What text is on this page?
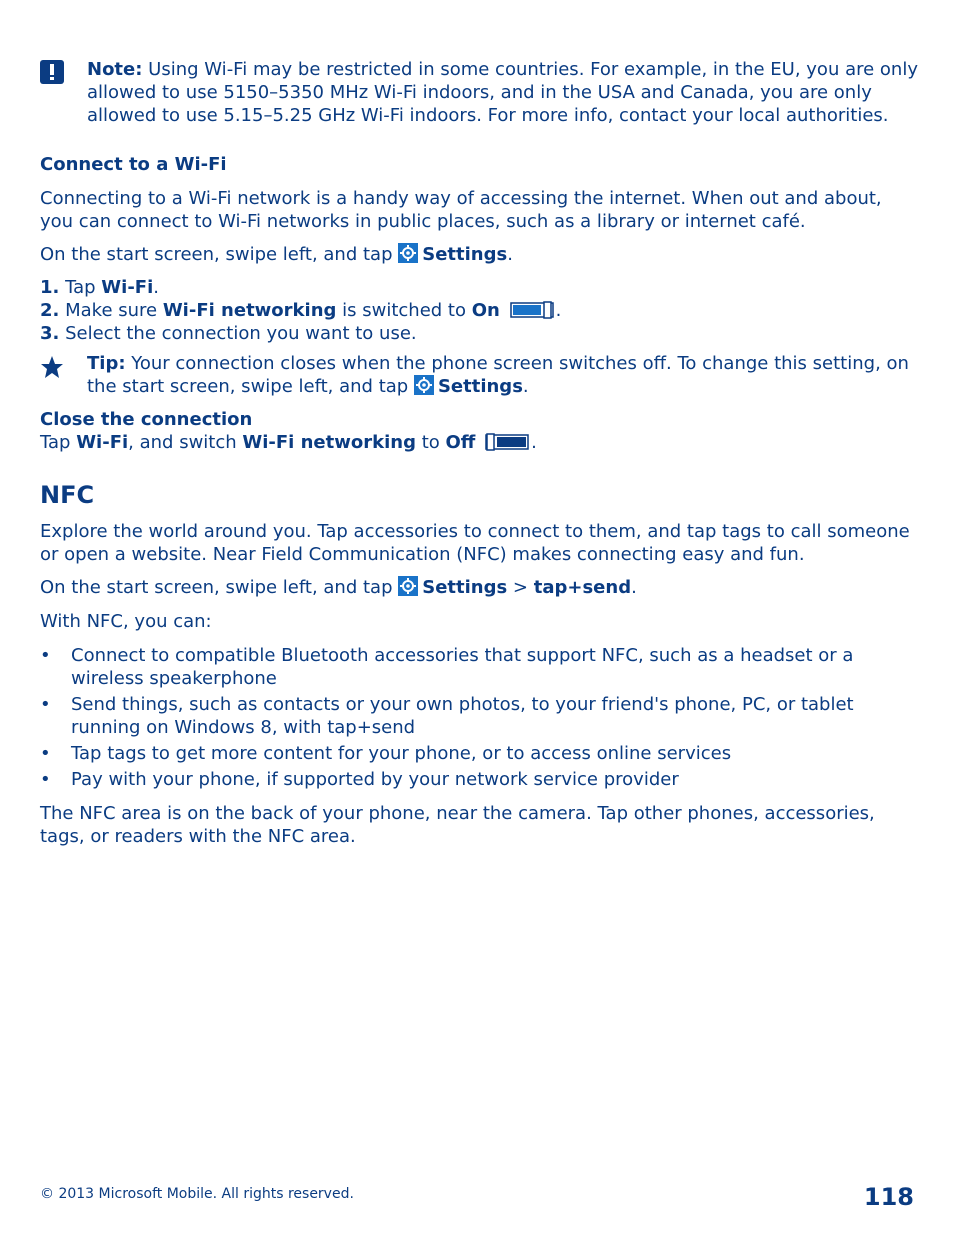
Note: Using Wi-Fi may be restricted in some countries. For example, in the EU, you are only allowed to use 5150–5350 MHz Wi-Fi indoors, and in the USA and Canada, you are only allowed to use 5.15–5.25 GHz Wi-Fi indoors. For more info, contact your local authorities.
Connect to a Wi-Fi
Connecting to a Wi-Fi network is a handy way of accessing the internet. When out and about, you can connect to Wi-Fi networks in public places, such as a library or internet café.
On the start screen, swipe left, and tap Settings.
1. Tap Wi-Fi.
2. Make sure Wi-Fi networking is switched to On	.
3. Select the connection you want to use.
Tip: Your connection closes when the phone screen switches off. To change this setting, on the start screen, swipe left, and tap Settings.
Close the connection
Tap Wi-Fi, and switch Wi-Fi networking to Off	.
NFC
Explore the world around you. Tap accessories to connect to them, and tap tags to call someone or open a website. Near Field Communication (NFC) makes connecting easy and fun.
On the start screen, swipe left, and tap Settings > tap+send.
With NFC, you can:
•	Connect to compatible Bluetooth accessories that support NFC, such as a headset or a wireless speakerphone
•	Send things, such as contacts or your own photos, to your friend's phone, PC, or tablet running on Windows 8, with tap+send
•	Tap tags to get more content for your phone, or to access online services
•	Pay with your phone, if supported by your network service provider
The NFC area is on the back of your phone, near the camera. Tap other phones, accessories, tags, or readers with the NFC area.
© 2013 Microsoft Mobile. All rights reserved.	118
